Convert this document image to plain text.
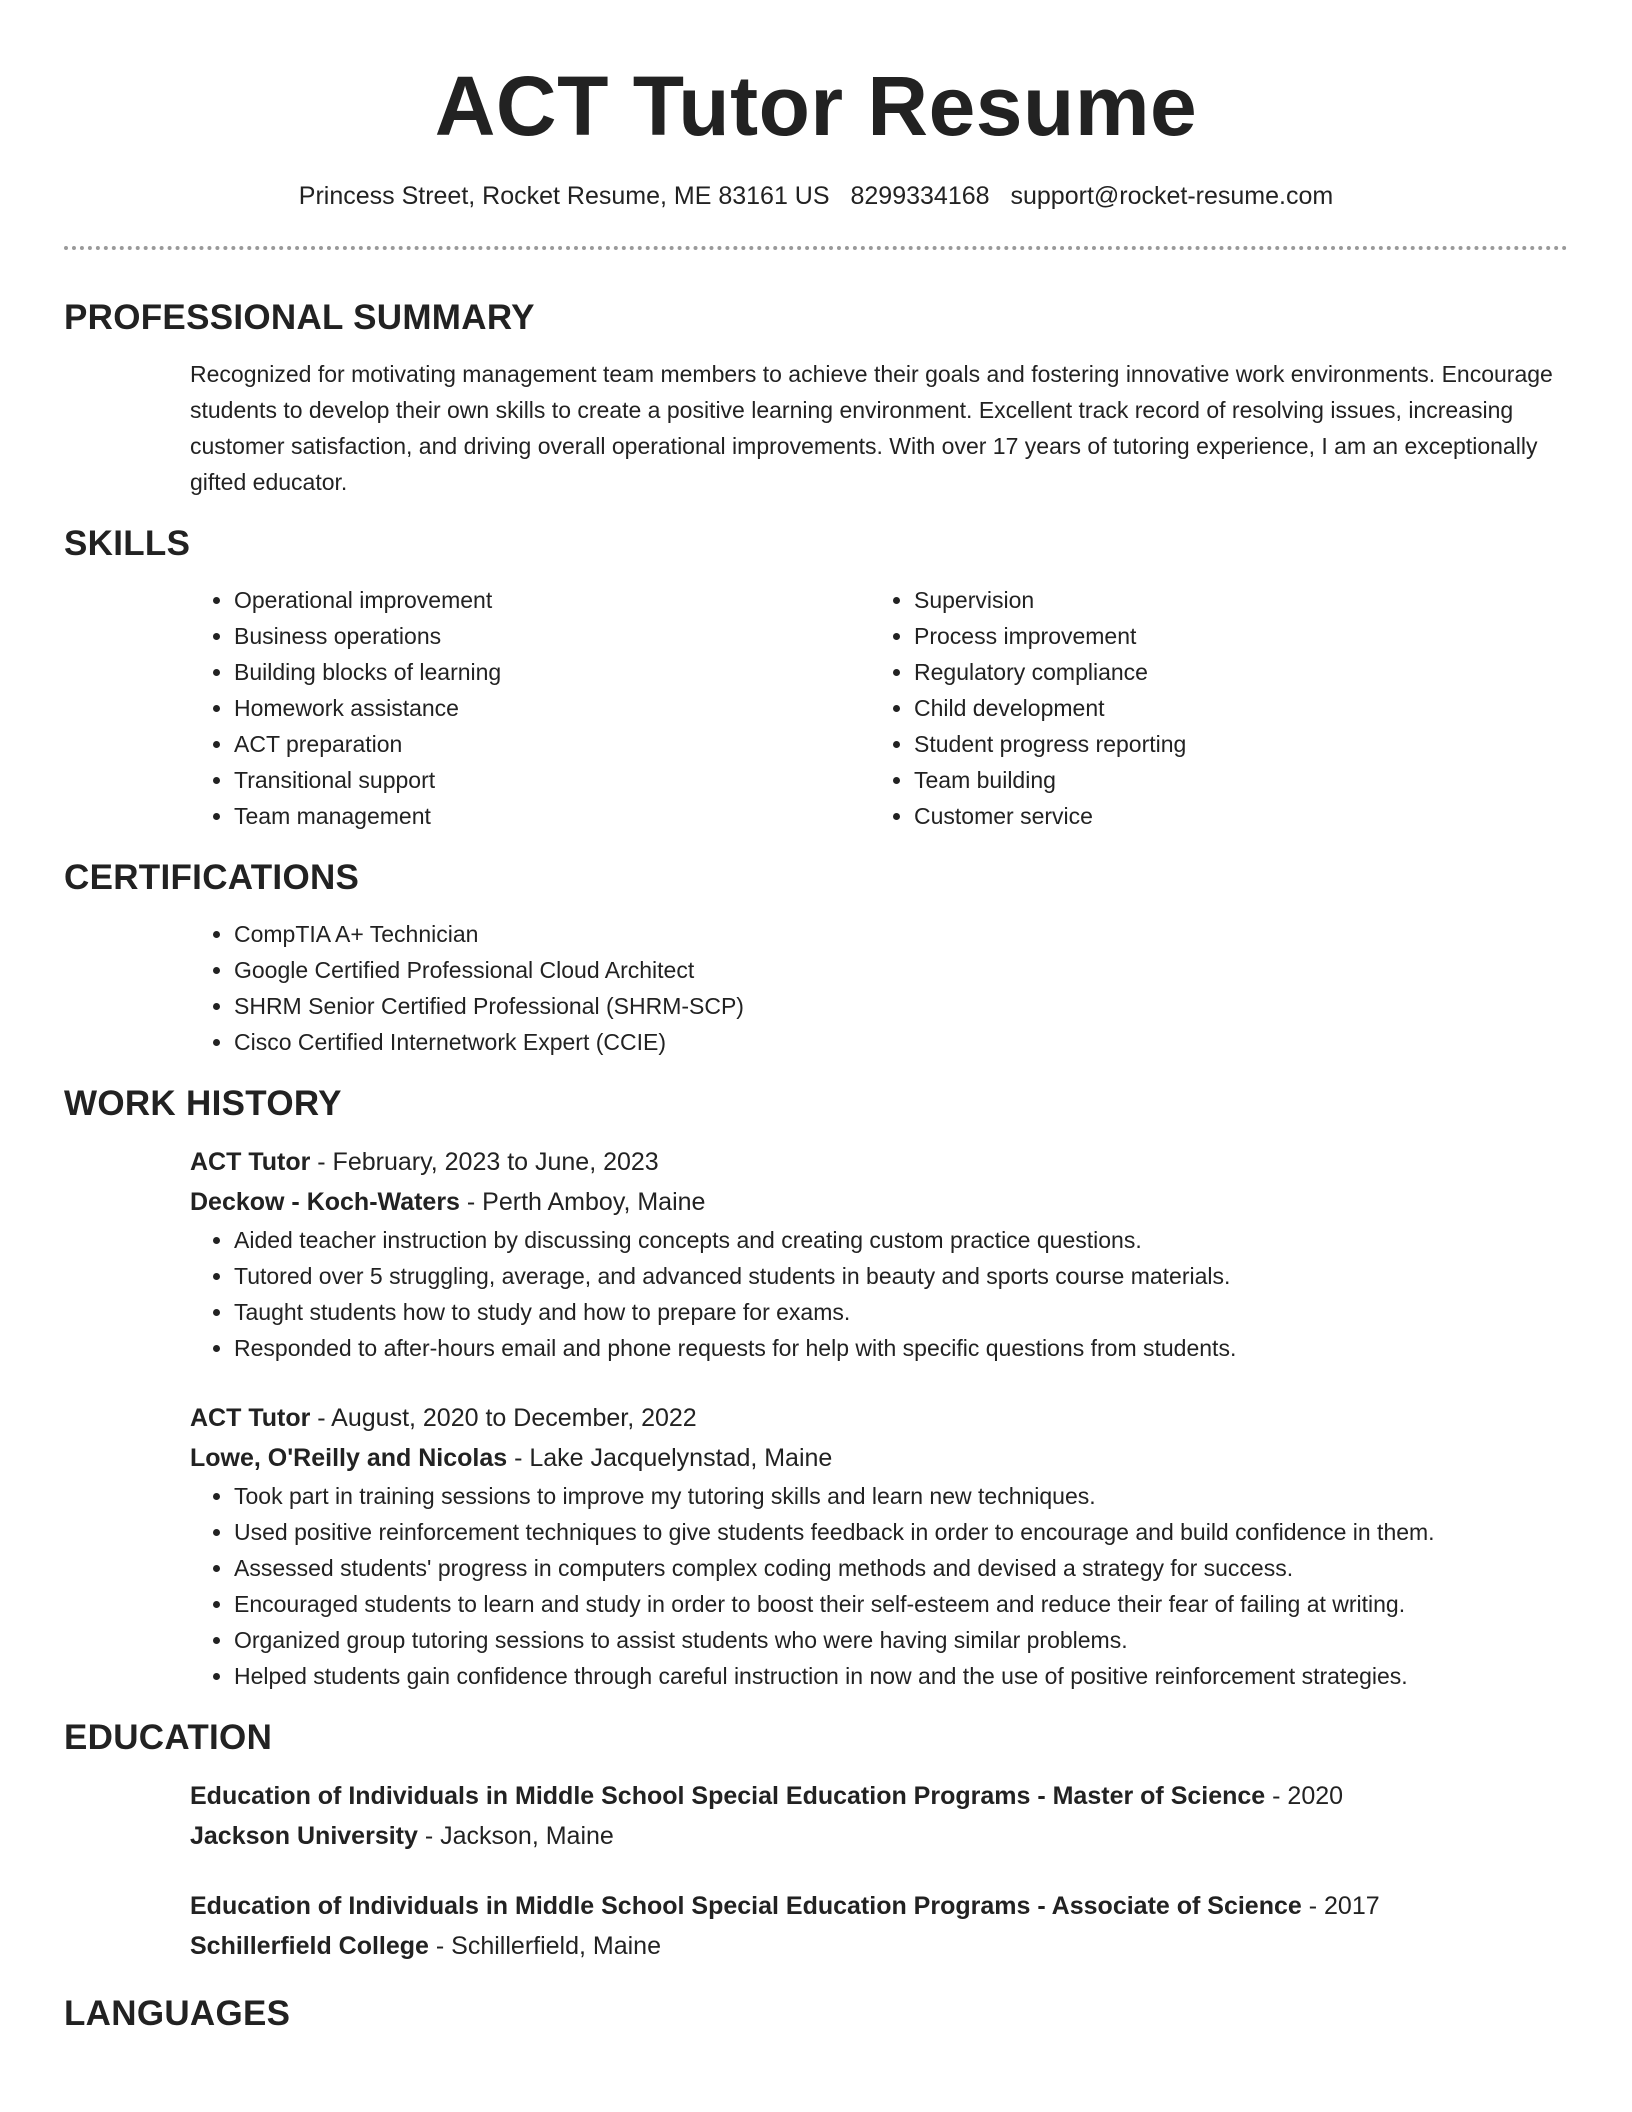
ACT Tutor Resume
Princess Street, Rocket Resume, ME 83161 US 8299334168 support@rocket-resume.com
PROFESSIONAL SUMMARY

Recognized for motivating management team members to achieve their goals and fostering innovative work environments. Encourage students to develop their own skills to create a positive learning environment. Excellent track record of resolving issues, increasing customer satisfaction, and driving overall operational improvements. With over 17 years of tutoring experience, I am an exceptionally gifted educator.

SKILLS
• Operational improvement
• Business operations
• Building blocks of learning
• Homework assistance
• ACT preparation
• Transitional support
• Team management
• Supervision
• Process improvement
• Regulatory compliance
• Child development
• Student progress reporting
• Team building
• Customer service
CERTIFICATIONS
• CompTIA A+ Technician
• Google Certified Professional Cloud Architect
• SHRM Senior Certified Professional (SHRM-SCP)
• Cisco Certified Internetwork Expert (CCIE)
WORK HISTORY
ACT Tutor - February, 2023 to June, 2023
Deckow - Koch-Waters - Perth Amboy, Maine
• Aided teacher instruction by discussing concepts and creating custom practice questions.
• Tutored over 5 struggling, average, and advanced students in beauty and sports course materials.
• Taught students how to study and how to prepare for exams.
• Responded to after-hours email and phone requests for help with specific questions from students.
ACT Tutor - August, 2020 to December, 2022
Lowe, O'Reilly and Nicolas - Lake Jacquelynstad, Maine
• Took part in training sessions to improve my tutoring skills and learn new techniques.
• Used positive reinforcement techniques to give students feedback in order to encourage and build confidence in them.
• Assessed students' progress in computers complex coding methods and devised a strategy for success.
• Encouraged students to learn and study in order to boost their self-esteem and reduce their fear of failing at writing.
• Organized group tutoring sessions to assist students who were having similar problems.
• Helped students gain confidence through careful instruction in now and the use of positive reinforcement strategies.
EDUCATION
Education of Individuals in Middle School Special Education Programs - Master of Science - 2020
Jackson University - Jackson, Maine
Education of Individuals in Middle School Special Education Programs - Associate of Science - 2017
Schillerfield College - Schillerfield, Maine
LANGUAGES
